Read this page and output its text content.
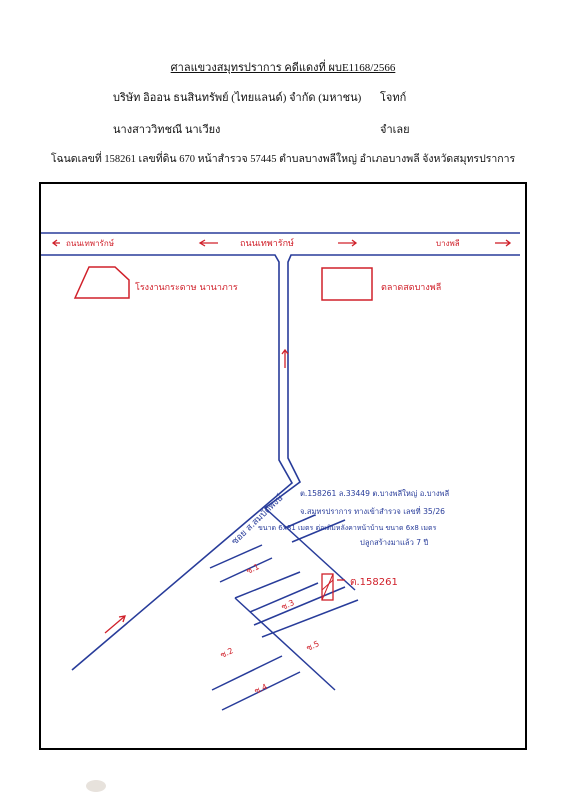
ศาลแขวงสมุทรปราการ คดีแดงที่ ผบE1168/2566
บริษัท อิออน ธนสินทรัพย์ (ไทยแลนด์) จำกัด (มหาชน) โจทก์
นางสาววิทชณี นาเวียง	จำเลย
โฉนดเลขที่ 158261 เลขที่ดิน 670 หน้าสำรวจ 57445 ตำบลบางพลีใหญ่ อำเภอบางพลี จังหวัดสมุทรปราการ
ถนนเทพารักษ์	ถนนเทพารักษ์	บางพลี
โรงงานกระดาษ นานาภาร	ตลาดสดบางพลี
ซอย ส.สมบัติพงษ์
ต.158261
ต.158261 ล.33449 ต.บางพลีใหญ่ อ.บางพลี
จ.สมุทรปราการ ทางเข้าสำรวจ เลขที่ 35/26
ขนาด 6x81 เมตร ต่อเติมหลังคาหน้าบ้าน ขนาด 6x8 เมตร
ปลูกสร้างมาแล้ว 7 ปี
ซ.1
ซ.2
ซ.3
ซ.4
ซ.5
